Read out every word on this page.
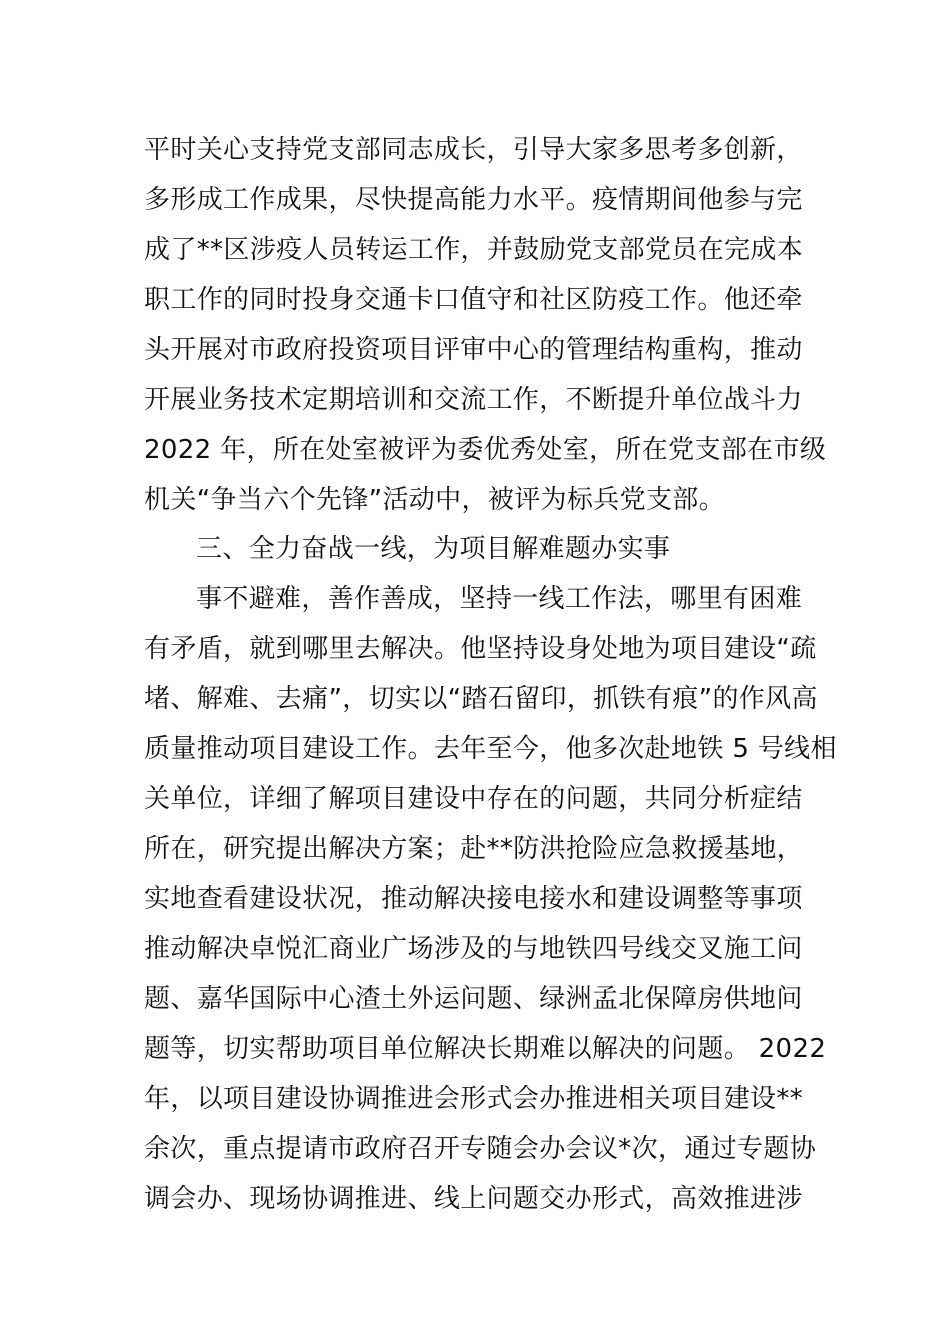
平时关心支持党支部同志成长，引导大家多思考多创新，
多形成工作成果，尽快提高能力水平。疫情期间他参与完
成了**区涉疫人员转运工作，并鼓励党支部党员在完成本
职工作的同时投身交通卡口值守和社区防疫工作。他还牵
头开展对市政府投资项目评审中心的管理结构重构，推动
开展业务技术定期培训和交流工作，不断提升单位战斗力
2022 年，所在处室被评为委优秀处室，所在党支部在市级
机关“争当六个先锋”活动中，被评为标兵党支部。
三、全力奋战一线，为项目解难题办实事
事不避难，善作善成，坚持一线工作法，哪里有困难
有矛盾，就到哪里去解决。他坚持设身处地为项目建设“疏
堵、解难、去痛”，切实以“踏石留印，抓铁有痕”的作风高
质量推动项目建设工作。去年至今，他多次赴地铁 5 号线相
关单位，详细了解项目建设中存在的问题，共同分析症结
所在，研究提出解决方案；赴**防洪抢险应急救援基地，
实地查看建设状况，推动解决接电接水和建设调整等事项
推动解决卓悦汇商业广场涉及的与地铁四号线交叉施工问
题、嘉华国际中心渣土外运问题、绿洲孟北保障房供地问
题等，切实帮助项目单位解决长期难以解决的问题。 2022
年，以项目建设协调推进会形式会办推进相关项目建设**
余次，重点提请市政府召开专随会办会议*次，通过专题协
调会办、现场协调推进、线上问题交办形式，高效推进涉
